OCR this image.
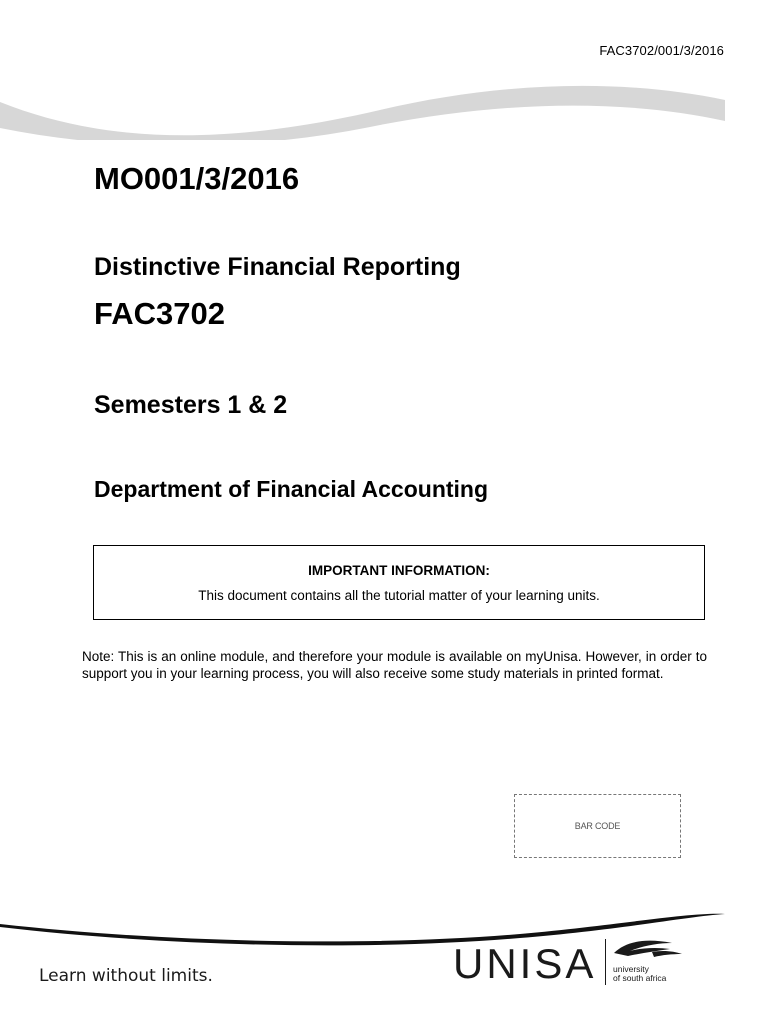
FAC3702/001/3/2016
MO001/3/2016
Distinctive Financial Reporting
FAC3702
Semesters 1 & 2
Department of Financial Accounting
IMPORTANT INFORMATION:
This document contains all the tutorial matter of your learning units.
Note: This is an online module, and therefore your module is available on myUnisa. However, in order to support you in your learning process, you will also receive some study materials in printed format.
BAR CODE
Learn without limits.	UNISA university
of south africa
